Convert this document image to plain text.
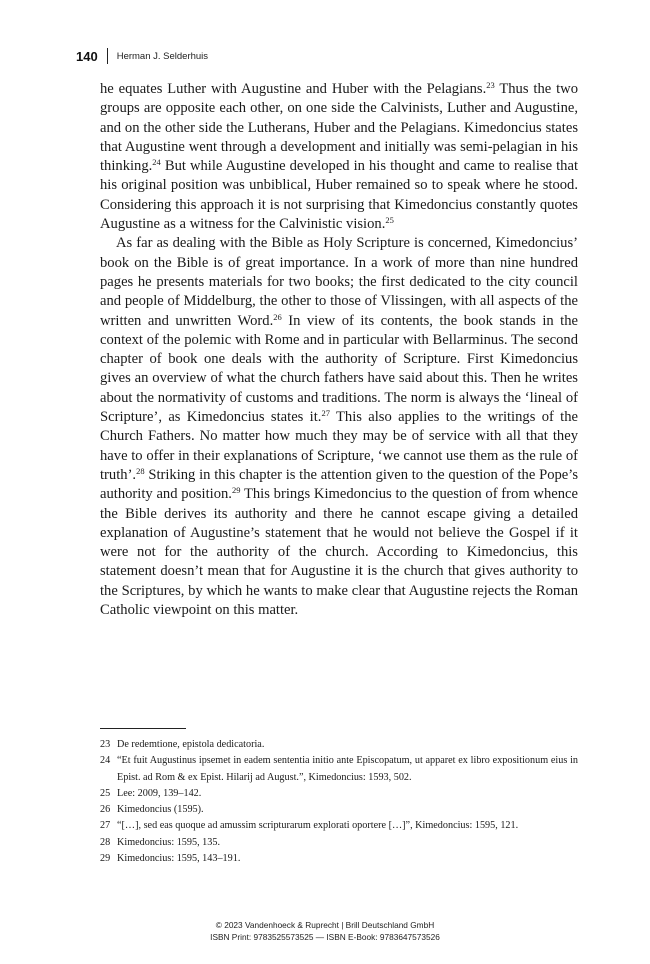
140 Herman J. Selderhuis

he equates Luther with Augustine and Huber with the Pelagians.$^{23}$ Thus the two groups are opposite each other, on one side the Calvinists, Luther and Augustine, and on the other side the Lutherans, Huber and the Pelagians. Kimedoncius states that Augustine went through a development and initially was semi-pelagian in his thinking.$^{24}$ But while Augustine developed in his thought and came to realise that his original position was unbiblical, Huber remained so to speak where he stood. Considering this approach it is not surprising that Kimedoncius constantly quotes Augustine as a witness for the Calvinistic vision.$^{25}$

As far as dealing with the Bible as Holy Scripture is concerned, Kimedoncius’ book on the Bible is of great importance. In a work of more than nine hundred pages he presents materials for two books; the first dedicated to the city council and people of Middelburg, the other to those of Vlissingen, with all aspects of the written and unwritten Word.$^{26}$ In view of its contents, the book stands in the context of the polemic with Rome and in particular with Bellarminus. The second chapter of book one deals with the authority of Scripture. First Kimedoncius gives an overview of what the church fathers have said about this. Then he writes about the normativity of customs and traditions. The norm is always the ‘lineal of Scripture’, as Kimedoncius states it.$^{27}$ This also applies to the writings of the Church Fathers. No matter how much they may be of service with all that they have to offer in their explanations of Scripture, ‘we cannot use them as the rule of truth’.$^{28}$ Striking in this chapter is the attention given to the question of the Pope’s authority and position.$^{29}$ This brings Kimedoncius to the question of from whence the Bible derives its authority and there he cannot escape giving a detailed explanation of Augustine’s statement that he would not believe the Gospel if it were not for the authority of the church. According to Kimedoncius, this statement doesn’t mean that for Augustine it is the church that gives authority to the Scriptures, by which he wants to make clear that Augustine rejects the Roman Catholic viewpoint on this matter.

23 De redemtione, epistola dedicatoria.
24 “Et fuit Augustinus ipsemet in eadem sententia initio ante Episcopatum, ut apparet ex libro expositionum eius in Epist. ad Rom & ex Epist. Hilarij ad August.”, Kimedoncius: 1593, 502.
25 Lee: 2009, 139–142.
26 Kimedoncius (1595).
27 “[…], sed eas quoque ad amussim scripturarum explorati oportere […]”, Kimedoncius: 1595, 121.
28 Kimedoncius: 1595, 135.
29 Kimedoncius: 1595, 143–191.
© 2023 Vandenhoeck & Ruprecht | Brill Deutschland GmbH
ISBN Print: 9783525573525 — ISBN E-Book: 9783647573526
